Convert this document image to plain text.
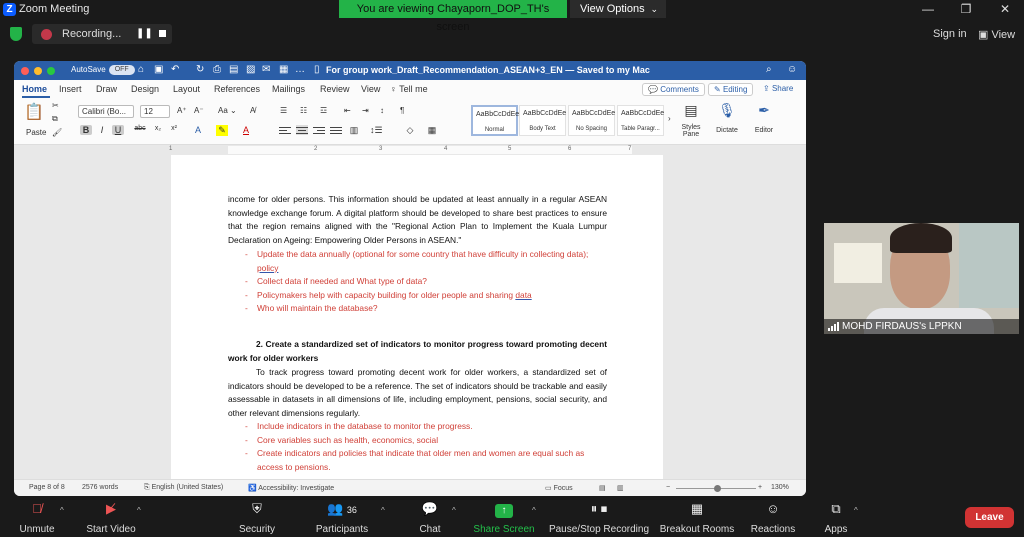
Z Zoom Meeting	You are viewing Chayaporn_DOP_TH's screen
View Options ⌄	— ❐ ✕
Recording... ❚❚	Sign in ▣ View
AutoSave OFF ⌂ ▣ ↶ ↻ ⎙ ▤ ▨ ✉ ▦ … ▯ For group work_Draft_Recommendation_ASEAN+3_EN — Saved to my Mac	⌕ ☺
Home Insert Draw Design Layout References Mailings Review View ♀ Tell me	💬 Comments	✎ Editing	⇪ Share
📋
Paste
✂
⧉
🖌
Calibri (Bo...	12	A⁺ A⁻ Aa ⌄ A̸
B	I	U	abc	x₂	x²	A	✎	A
☰ ☷ ☲ ⇤ ⇥ ↕ ¶
▥ ↕☰	◇ ▦
AaBbCcDdEe
Normal
AaBbCcDdEe
Body Text
AaBbCcDdEe
No Spacing
AaBbCcDdEe
Table Paragr...
›
▤
Styles Pane
🎙
Dictate
✒
Editor
1	2	3	4	5	6	7
income for older persons. This information should be updated at least annually in a regular ASEAN knowledge exchange forum. A digital platform should be developed to share best practices to ensure that the region remains aligned with the "Regional Action Plan to Implement the Kuala Lumpur Declaration on Ageing: Empowering Older Persons in ASEAN."
- Update the data annually (optional for some country that have difficulty in collecting data); policy
- Collect data if needed and What type of data?
- Policymakers help with capacity building for older people and sharing data
- Who will maintain the database?
2. Create a standardized set of indicators to monitor progress toward promoting decent work for older workers
To track progress toward promoting decent work for older workers, a standardized set of indicators should be developed to be a reference. The set of indicators should be trackable and easily assessable in datasets in all dimensions of life, including employment, pensions, social security, and other relevant dimensions regularly.
- Include indicators in the database to monitor the progress.
- Core variables such as health, economics, social
- Create indicators and policies that indicate that older men and women are equal such as access to pensions.
Page 8 of 8 2576 words	⎘ English (United States)	♿ Accessibility: Investigate	▭ Focus	▤ ▥	−	+ 130%
MOHD FIRDAUS's LPPKN
🎙̸
Unmute
^	▶̸
Start Video
^	⛨
Security
👥 36
Participants
^	💬
Chat
^	↑
Share Screen
^	⏸ ⏹
Pause/Stop Recording
▦
Breakout Rooms
☺
Reactions
⧉
Apps
^
Leave
